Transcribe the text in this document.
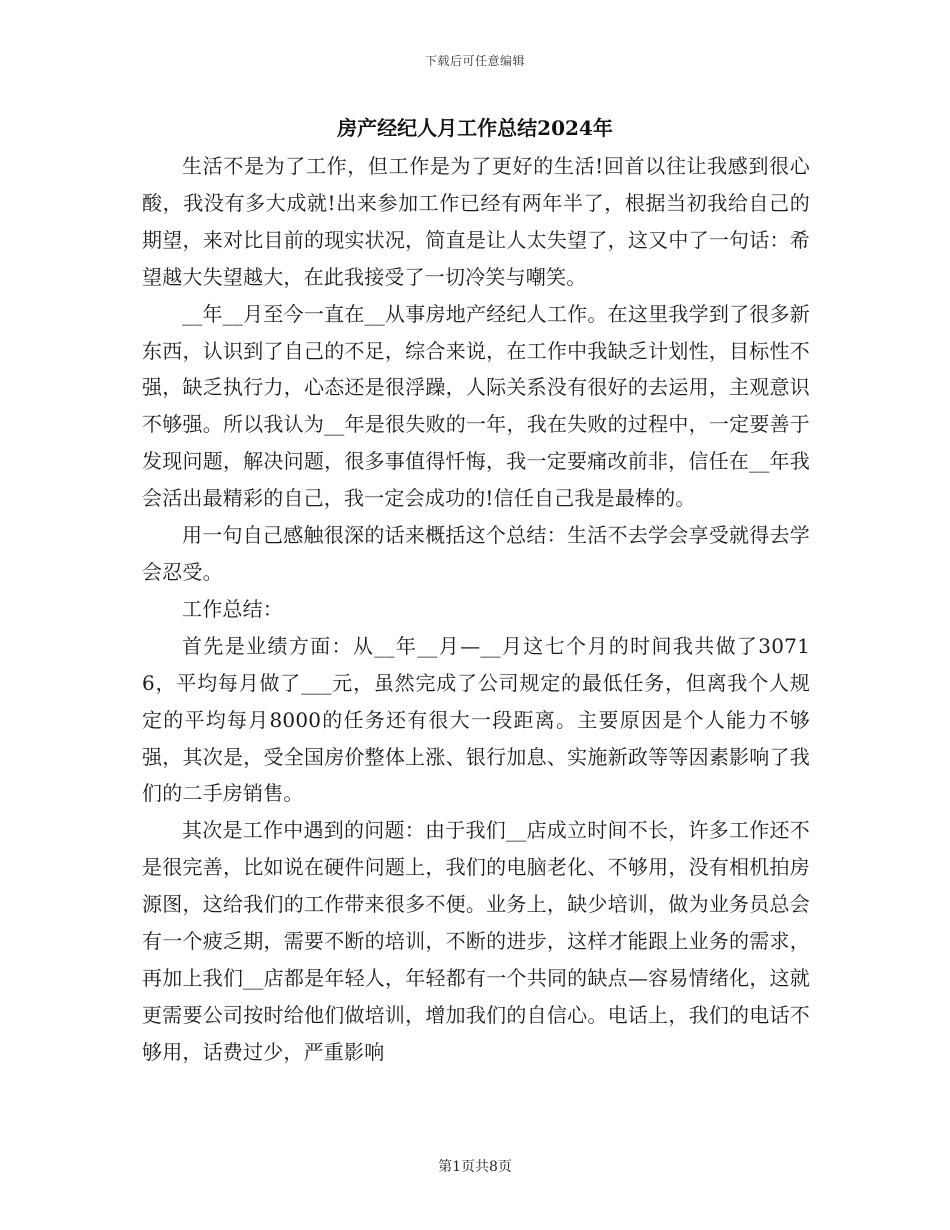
下载后可任意编辑
房产经纪人月工作总结2024年

生活不是为了工作，但工作是为了更好的生活!回首以往让我感到很心酸，我没有多大成就!出来参加工作已经有两年半了，根据当初我给自己的期望，来对比目前的现实状况，简直是让人太失望了，这又中了一句话：希望越大失望越大，在此我接受了一切冷笑与嘲笑。

__年__月至今一直在__从事房地产经纪人工作。在这里我学到了很多新东西，认识到了自己的不足，综合来说，在工作中我缺乏计划性，目标性不强，缺乏执行力，心态还是很浮躁，人际关系没有很好的去运用，主观意识不够强。所以我认为__年是很失败的一年，我在失败的过程中，一定要善于发现问题，解决问题，很多事值得忏悔，我一定要痛改前非，信任在__年我会活出最精彩的自己，我一定会成功的!信任自己我是最棒的。

用一句自己感触很深的话来概括这个总结：生活不去学会享受就得去学会忍受。

工作总结：

首先是业绩方面：从__年__月—__月这七个月的时间我共做了30716，平均每月做了___元，虽然完成了公司规定的最低任务，但离我个人规定的平均每月8000的任务还有很大一段距离。主要原因是个人能力不够强，其次是，受全国房价整体上涨、银行加息、实施新政等等因素影响了我们的二手房销售。

其次是工作中遇到的问题：由于我们__店成立时间不长，许多工作还不是很完善，比如说在硬件问题上，我们的电脑老化、不够用，没有相机拍房源图，这给我们的工作带来很多不便。业务上，缺少培训，做为业务员总会有一个疲乏期，需要不断的培训，不断的进步，这样才能跟上业务的需求，再加上我们__店都是年轻人，年轻都有一个共同的缺点—容易情绪化，这就更需要公司按时给他们做培训，增加我们的自信心。电话上，我们的电话不够用，话费过少，严重影响

第1页共8页
